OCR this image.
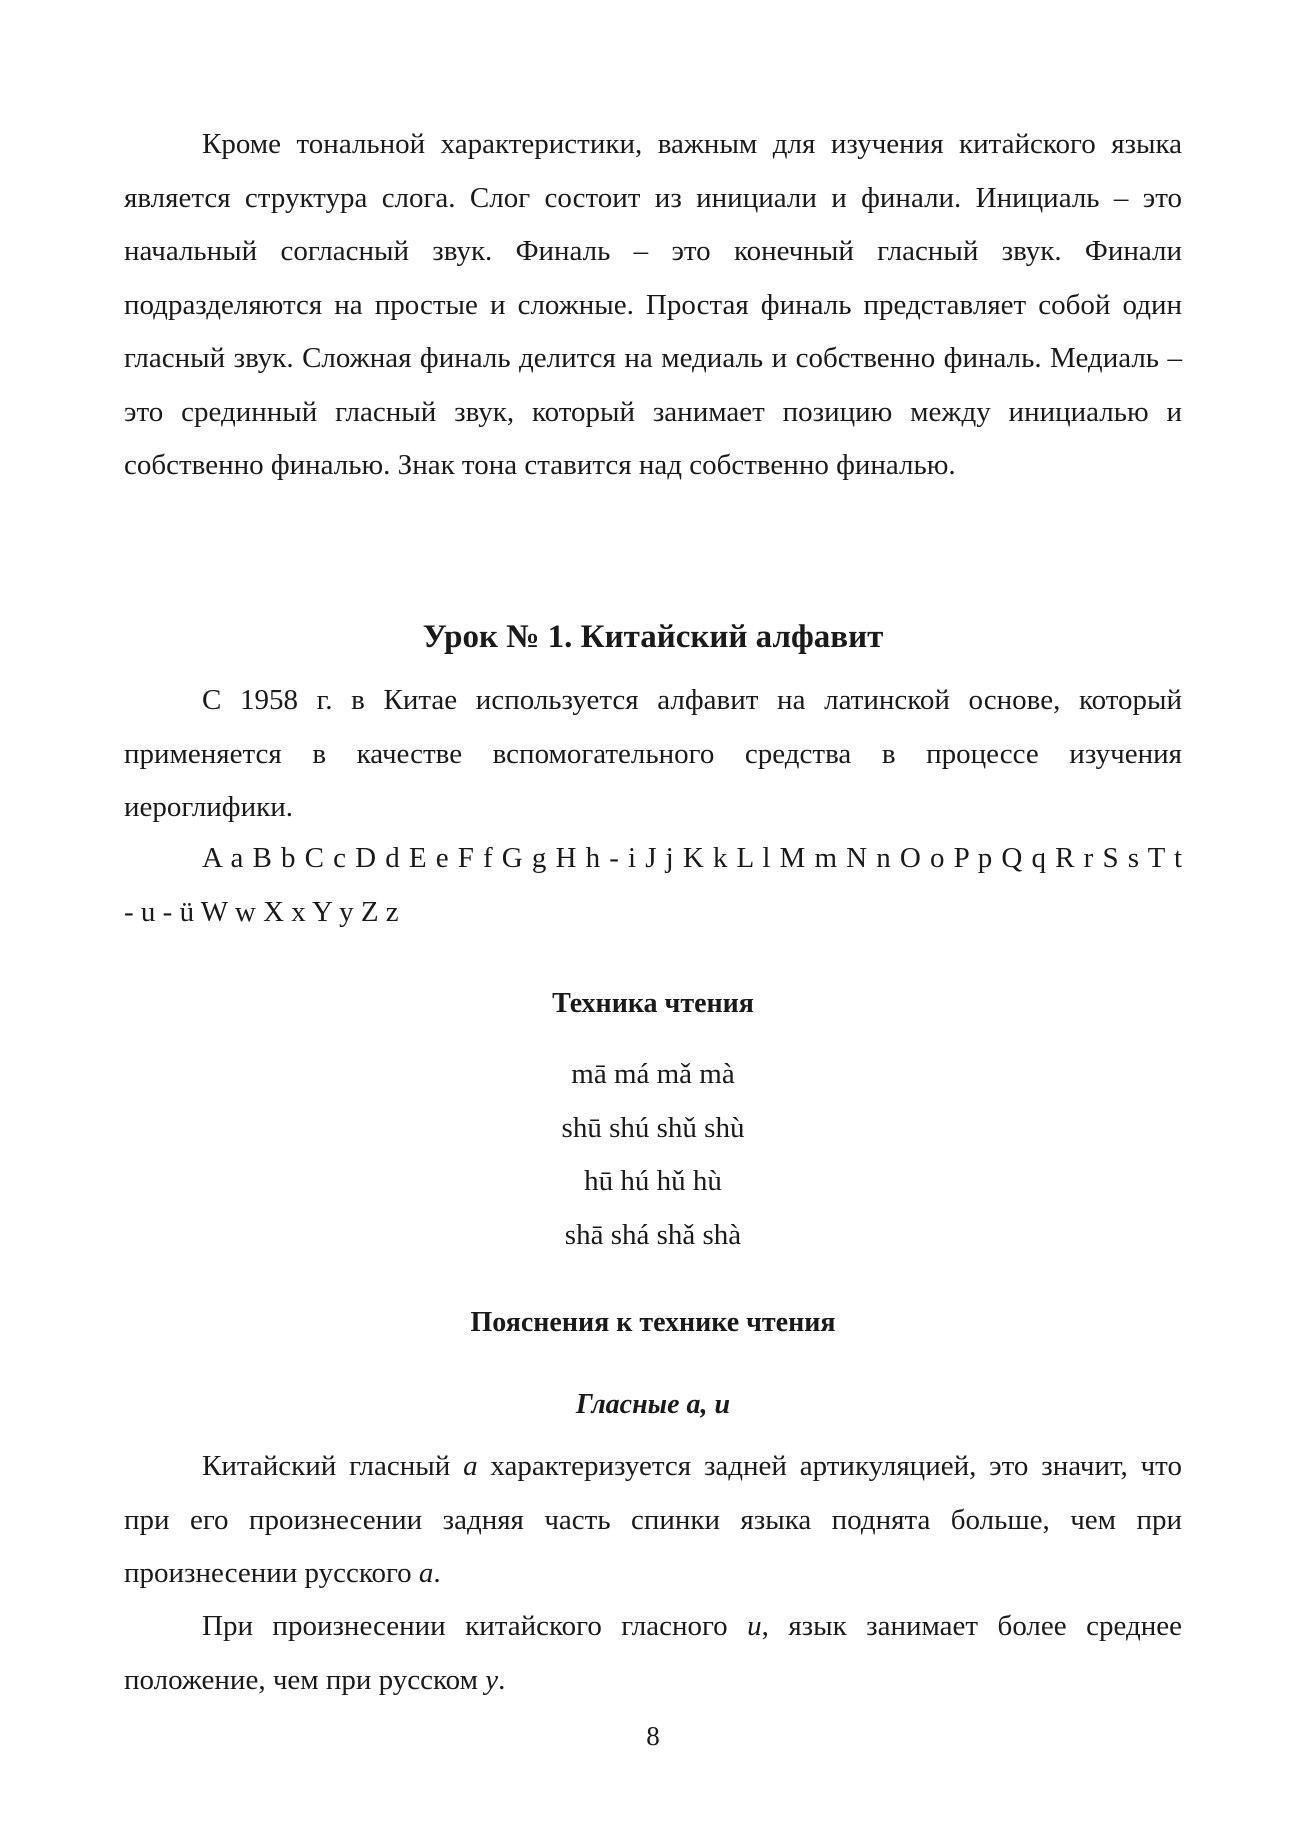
Кроме тональной характеристики, важным для изучения китайского языка является структура слога. Слог состоит из инициали и финали. Инициаль – это начальный согласный звук. Финаль – это конечный гласный звук. Финали подразделяются на простые и сложные. Простая финаль представляет собой один гласный звук. Сложная финаль делится на медиаль и собственно финаль. Медиаль – это срединный гласный звук, который занимает позицию между инициалью и собственно финалью. Знак тона ставится над собственно финалью.

Урок № 1. Китайский алфавит

С 1958 г. в Китае используется алфавит на латинской основе, который применяется в качестве вспомогательного средства в процессе изучения иероглифики.

A a B b C c D d E e F f G g H h - i J j K k L l M m N n O o P p Q q R r S s T t
- u - ü W w X x Y y Z z

Техника чтения
mā má mǎ mà
shū shú shǔ shù
hū hú hǔ hù
shā shá shǎ shà
Пояснения к технике чтения
Гласные а, и

Китайский гласный а характеризуется задней артикуляцией, это значит, что при его произнесении задняя часть спинки языка поднята больше, чем при произнесении русского а.

При произнесении китайского гласного и, язык занимает более среднее положение, чем при русском у.

8
